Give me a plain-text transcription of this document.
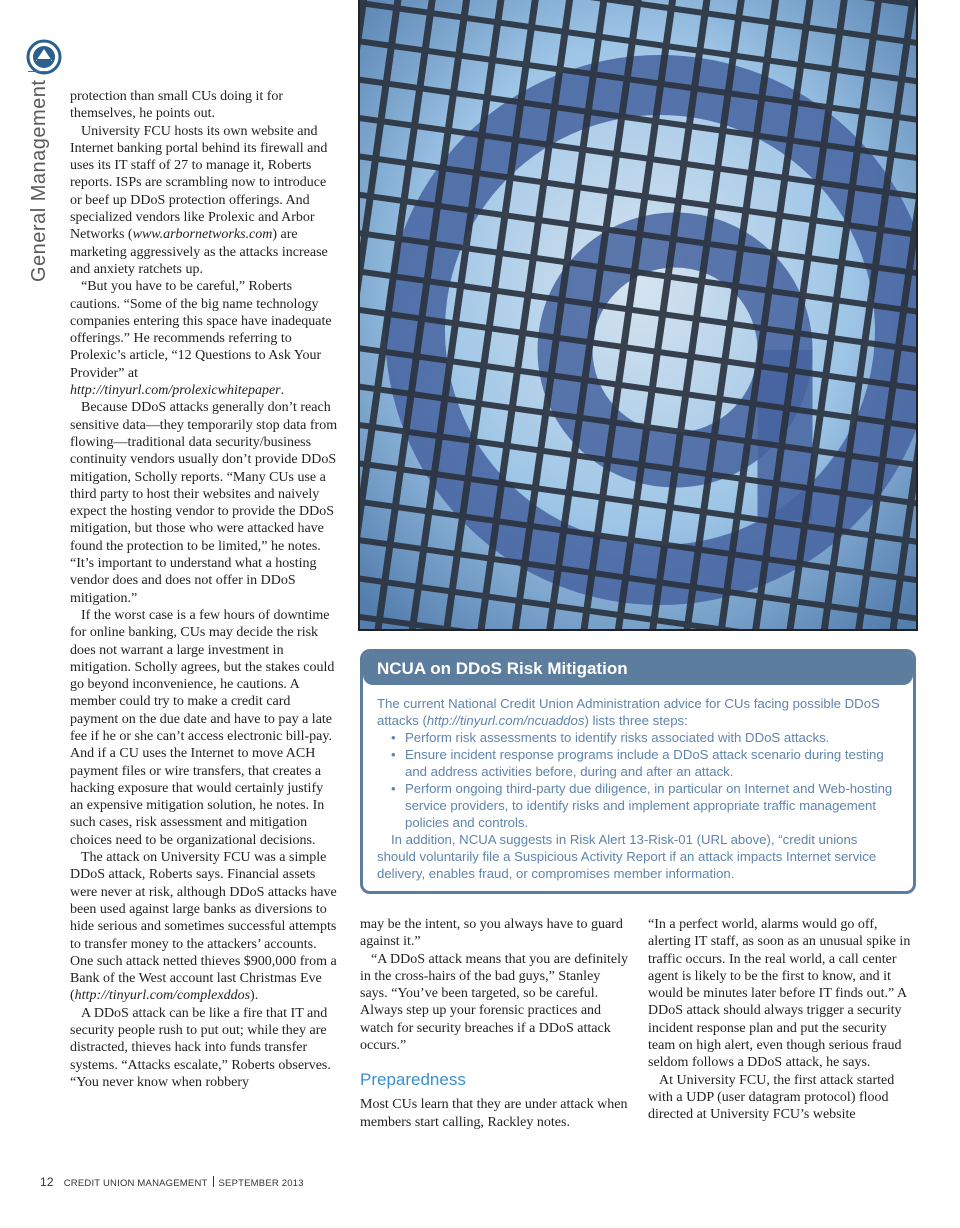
General Management protection than small CUs doing it for themselves, he points out.

University FCU hosts its own website and Internet banking portal behind its firewall and uses its IT staff of 27 to manage it, Roberts reports. ISPs are scrambling now to introduce or beef up DDoS protection offerings. And specialized vendors like Prolexic and Arbor Networks (www.arbornetworks.com) are marketing aggressively as the attacks increase and anxiety ratchets up.

“But you have to be careful,” Roberts cautions. “Some of the big name technology companies entering this space have inadequate offerings.” He recommends referring to Prolexic’s article, “12 Questions to Ask Your Provider” at http://tinyurl.com/prolexicwhitepaper.

Because DDoS attacks generally don’t reach sensitive data—they temporarily stop data from flowing—traditional data security/business continuity vendors usually don’t provide DDoS mitigation, Scholly reports. “Many CUs use a third party to host their websites and naively expect the hosting vendor to provide the DDoS mitigation, but those who were attacked have found the protection to be limited,” he notes. “It’s important to understand what a hosting vendor does and does not offer in DDoS mitigation.”

If the worst case is a few hours of downtime for online banking, CUs may decide the risk does not warrant a large investment in mitigation. Scholly agrees, but the stakes could go beyond inconvenience, he cautions. A member could try to make a credit card payment on the due date and have to pay a late fee if he or she can’t access electronic bill-pay. And if a CU uses the Internet to move ACH payment files or wire transfers, that creates a hacking exposure that would certainly justify an expensive mitigation solution, he notes. In such cases, risk assessment and mitigation choices need to be organizational decisions.

The attack on University FCU was a simple DDoS attack, Roberts says. Financial assets were never at risk, although DDoS attacks have been used against large banks as diversions to hide serious and sometimes successful attempts to transfer money to the attackers’ accounts. One such attack netted thieves $900,000 from a Bank of the West account last Christmas Eve (http://tinyurl.com/complexddos).

A DDoS attack can be like a fire that IT and security people rush to put out; while they are distracted, thieves hack into funds transfer systems. “Attacks escalate,” Roberts observes. “You never know when robbery

NCUA on DDoS Risk Mitigation

The current National Credit Union Administration advice for CUs facing possible DDoS attacks (http://tinyurl.com/ncuaddos) lists three steps:

• Perform risk assessments to identify risks associated with DDoS attacks.
• Ensure incident response programs include a DDoS attack scenario during testing and address activities before, during and after an attack.
• Perform ongoing third-party due diligence, in particular on Internet and Web-hosting service providers, to identify risks and implement appropriate traffic management policies and controls.

In addition, NCUA suggests in Risk Alert 13-Risk-01 (URL above), “credit unions should voluntarily file a Suspicious Activity Report if an attack impacts Internet service delivery, enables fraud, or compromises member information.

may be the intent, so you always have to guard against it.”

“A DDoS attack means that you are definitely in the cross-hairs of the bad guys,” Stanley says. “You’ve been targeted, so be careful. Always step up your forensic practices and watch for security breaches if a DDoS attack occurs.”

Preparedness

Most CUs learn that they are under attack when members start calling, Rackley notes.

“In a perfect world, alarms would go off, alerting IT staff, as soon as an unusual spike in traffic occurs. In the real world, a call center agent is likely to be the first to know, and it would be minutes later before IT finds out.” A DDoS attack should always trigger a security incident response plan and put the security team on high alert, even though serious fraud seldom follows a DDoS attack, he says.

At University FCU, the first attack started with a UDP (user datagram protocol) flood directed at University FCU’s website

12 CREDIT UNION MANAGEMENT SEPTEMBER 2013
